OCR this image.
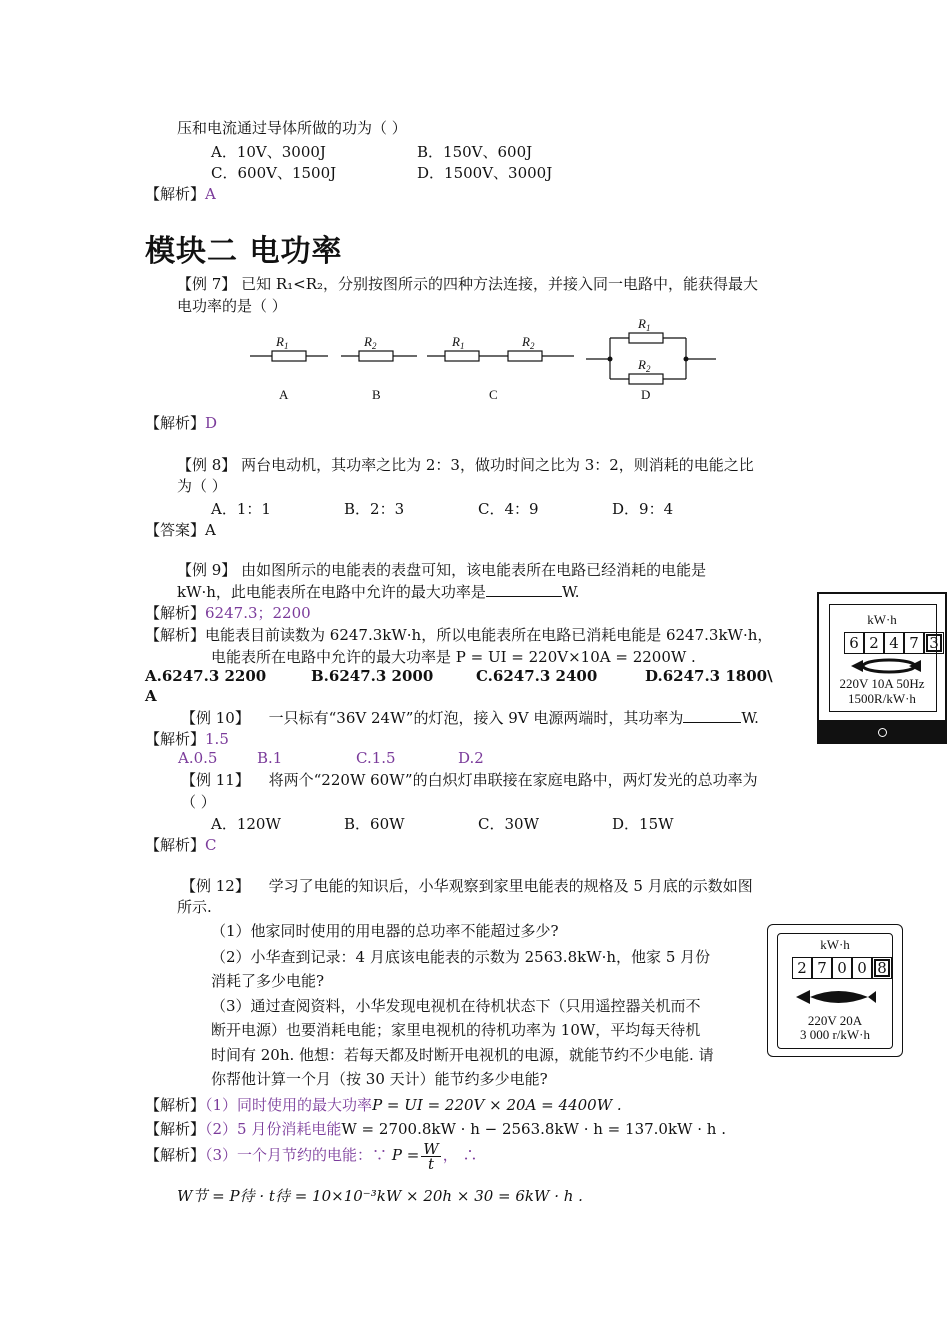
压和电流通过导体所做的功为（ ）
A．10V、3000J	B．150V、600J
C．600V、1500J	D．1500V、3000J
【解析】A
模块二 电功率
【例 7】 已知 R₁<R₂，分别按图所示的四种方法连接，并接入同一电路中，能获得最大
电功率的是（ ）
$R_1$	$R_2$	$R_1$	$R_2$
$R_1$
$R_2$
A	B	C	D
【解析】D
【例 8】 两台电动机，其功率之比为 2：3，做功时间之比为 3：2，则消耗的电能之比
为（ ）
A．1：1	B．2：3	C．4：9	D．9：4
【答案】A
【例 9】 由如图所示的电能表的表盘可知，该电能表所在电路已经消耗的电能是
kW·h，此电能表所在电路中允许的最大功率是	W.
【解析】6247.3；2200
【解析】电能表目前读数为 6247.3kW·h，所以电能表所在电路已消耗电能是 6247.3kW·h，
电能表所在电路中允许的最大功率是 P = UI = 220V×10A = 2200W .
A.6247.3 2200	B.6247.3 2000	C.6247.3 2400	D.6247.3 1800\
A
kW·h
6 2 4 7 3
220V 10A 50Hz
1500R/kW·h
【例 10】 一只标有“36V 24W”的灯泡，接入 9V 电源两端时，其功率为	W.
【解析】1.5
A.0.5	B.1	C.1.5	D.2
【例 11】 将两个“220W 60W”的白炽灯串联接在家庭电路中，两灯发光的总功率为
（ ）
A．120W	B．60W	C．30W	D．15W
【解析】C
【例 12】 学习了电能的知识后，小华观察到家里电能表的规格及 5 月底的示数如图
所示.
（1）他家同时使用的用电器的总功率不能超过多少?
（2）小华查到记录：4 月底该电能表的示数为 2563.8kW·h，他家 5 月份
消耗了多少电能?
（3）通过查阅资料，小华发现电视机在待机状态下（只用遥控器关机而不
断开电源）也要消耗电能；家里电视机的待机功率为 10W，平均每天待机
时间有 20h. 他想：若每天都及时断开电视机的电源，就能节约不少电能. 请
你帮他计算一个月（按 30 天计）能节约多少电能?
kW·h
2 7 0 0 8
220V 20A
3 000 r/kW·h
【解析】（1）同时使用的最大功率P = UI = 220V × 20A = 4400W .
【解析】（2）5 月份消耗电能W = 2700.8kW · h − 2563.8kW · h = 137.0kW · h .
【解析】（3）一个月节约的电能：∵ $P = \frac{W}{t}$ ， ∴
W节 = P待 · t待 = 10×10⁻³kW × 20h × 30 = 6kW · h .
